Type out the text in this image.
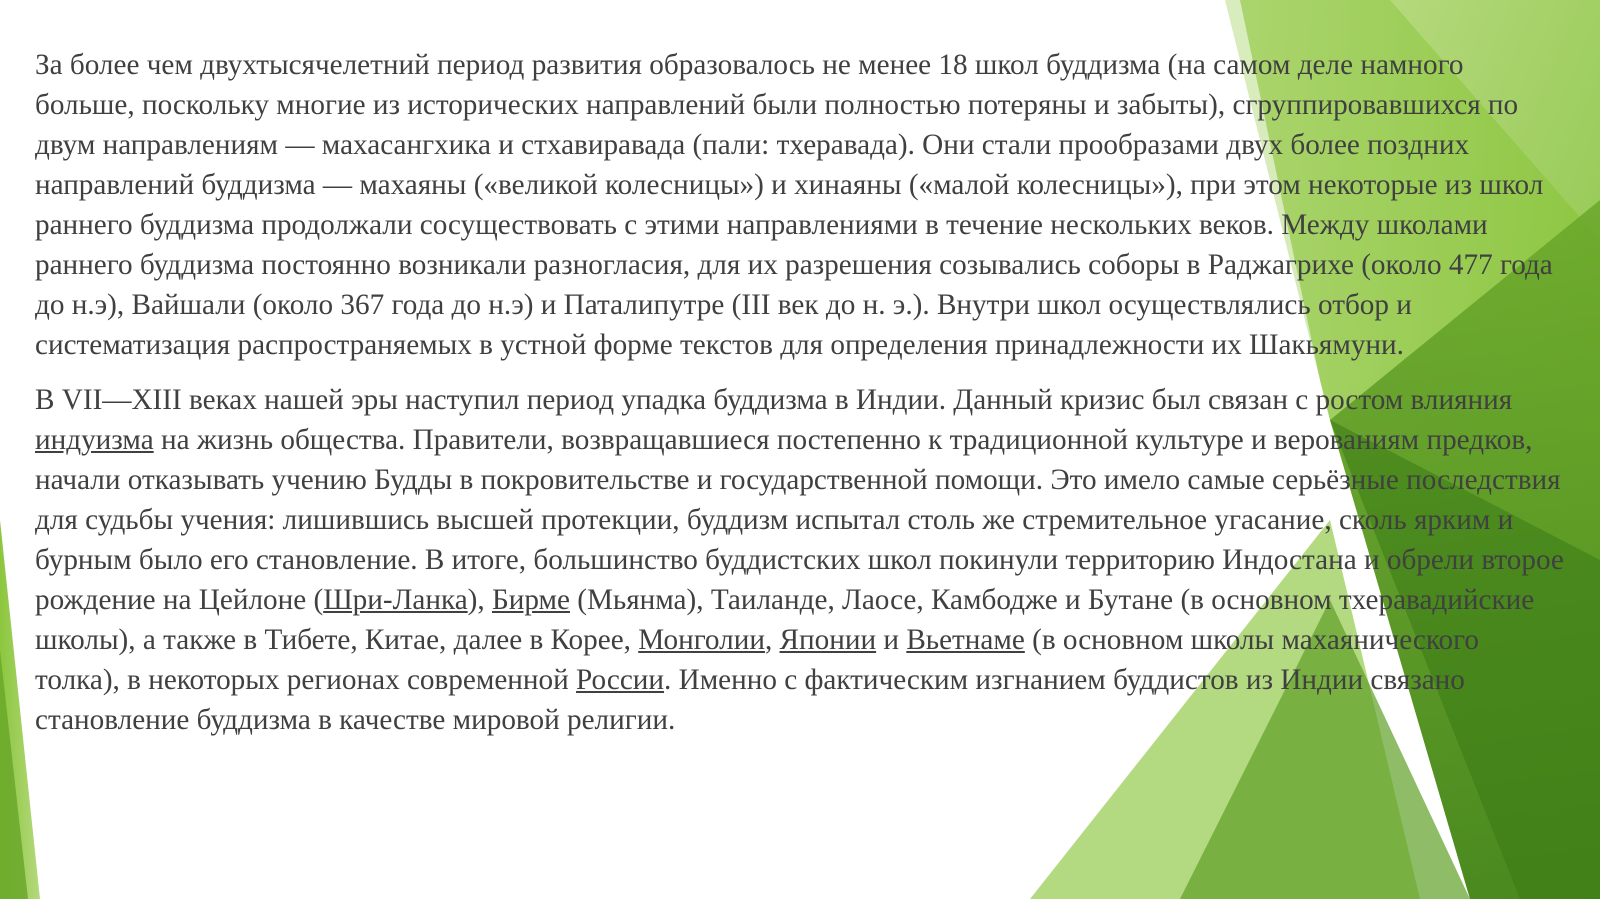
За более чем двухтысячелетний период развития образовалось не менее 18 школ буддизма (на самом деле намного больше, поскольку многие из исторических направлений были полностью потеряны и забыты), сгруппировавшихся по двум направлениям — махасангхика и стхавиравада (пали: тхеравада). Они стали прообразами двух более поздних направлений буддизма — махаяны («великой колесницы») и хинаяны («малой колесницы»), при этом некоторые из школ раннего буддизма продолжали сосуществовать с этими направлениями в течение нескольких веков. Между школами раннего буддизма постоянно возникали разногласия, для их разрешения созывались соборы в Раджагрихе (около 477 года до н.э), Вайшали (около 367 года до н.э) и Паталипутре (III век до н. э.). Внутри школ осуществлялись отбор и систематизация распространяемых в устной форме текстов для определения принадлежности их Шакьямуни.

В VII—XIII веках нашей эры наступил период упадка буддизма в Индии. Данный кризис был связан с ростом влияния индуизма на жизнь общества. Правители, возвращавшиеся постепенно к традиционной культуре и верованиям предков, начали отказывать учению Будды в покровительстве и государственной помощи. Это имело самые серьёзные последствия для судьбы учения: лишившись высшей протекции, буддизм испытал столь же стремительное угасание, сколь ярким и бурным было его становление. В итоге, большинство буддистских школ покинули территорию Индостана и обрели второе рождение на Цейлоне (Шри-Ланка), Бирме (Мьянма), Таиланде, Лаосе, Камбодже и Бутане (в основном тхеравадийские школы), а также в Тибете, Китае, далее в Корее, Монголии, Японии и Вьетнаме (в основном школы махаянического толка), в некоторых регионах современной России. Именно с фактическим изгнанием буддистов из Индии связано становление буддизма в качестве мировой религии.
